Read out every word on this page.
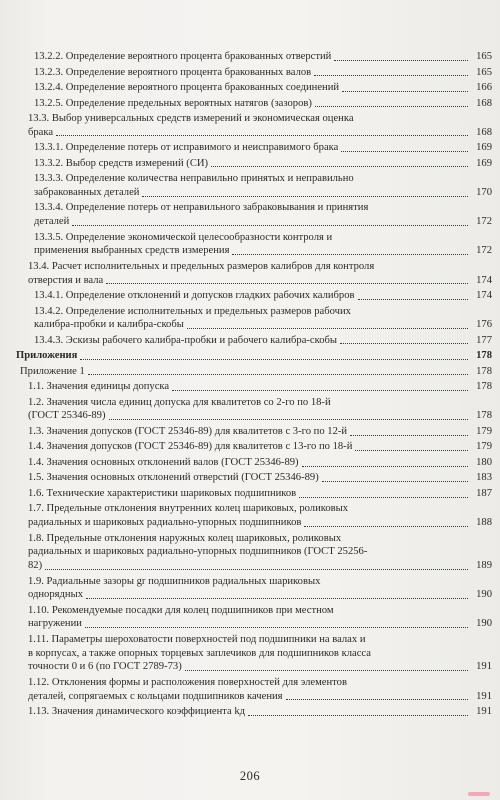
13.2.2. Определение вероятного процента бракованных отверстий	165
13.2.3. Определение вероятного процента бракованных валов	165
13.2.4. Определение вероятного процента бракованных соединений	166
13.2.5. Определение предельных вероятных натягов (зазоров)	168
13.3. Выбор универсальных средств измерений и экономическая оценка
брака	168
13.3.1. Определение потерь от исправимого и неисправимого брака	169
13.3.2. Выбор средств измерений (СИ)	169
13.3.3. Определение количества неправильно принятых и неправильно
забракованных деталей	170
13.3.4. Определение потерь от неправильного забраковывания и принятия
деталей	172
13.3.5. Определение экономической целесообразности контроля и
применения выбранных средств измерения	172
13.4. Расчет исполнительных и предельных размеров калибров для контроля
отверстия и вала	174
13.4.1. Определение отклонений и допусков гладких рабочих калибров	174
13.4.2. Определение исполнительных и предельных размеров рабочих
калибра-пробки и калибра-скобы	176
13.4.3. Эскизы рабочего калибра-пробки и рабочего калибра-скобы	177
Приложения	178
Приложение 1	178
1.1. Значения единицы допуска	178
1.2. Значения числа единиц допуска для квалитетов со 2-го по 18-й
(ГОСТ 25346-89)	178
1.3. Значения допусков (ГОСТ 25346-89) для квалитетов с 3-го по 12-й	179
1.4. Значения допусков (ГОСТ 25346-89) для квалитетов с 13-го по 18-й	179
1.4. Значения основных отклонений валов (ГОСТ 25346-89)	180
1.5. Значения основных отклонений отверстий (ГОСТ 25346-89)	183
1.6. Технические характеристики шариковых подшипников	187
1.7. Предельные отклонения внутренних колец шариковых, роликовых
радиальных и шариковых радиально-упорных подшипников	188
1.8. Предельные отклонения наружных колец шариковых, роликовых
радиальных и шариковых радиально-упорных подшипников (ГОСТ 25256-
82)	189
1.9. Радиальные зазоры gr подшипников радиальных шариковых
однорядных	190
1.10. Рекомендуемые посадки для колец подшипников при местном
нагружении	190
1.11. Параметры шероховатости поверхностей под подшипники на валах и
в корпусах, а также опорных торцевых заплечиков для подшипников класса
точности 0 и 6 (по ГОСТ 2789-73)	191
1.12. Отклонения формы и расположения поверхностей для элементов
деталей, сопрягаемых с кольцами подшипников качения	191
1.13. Значения динамического коэффициента kд	191
206
